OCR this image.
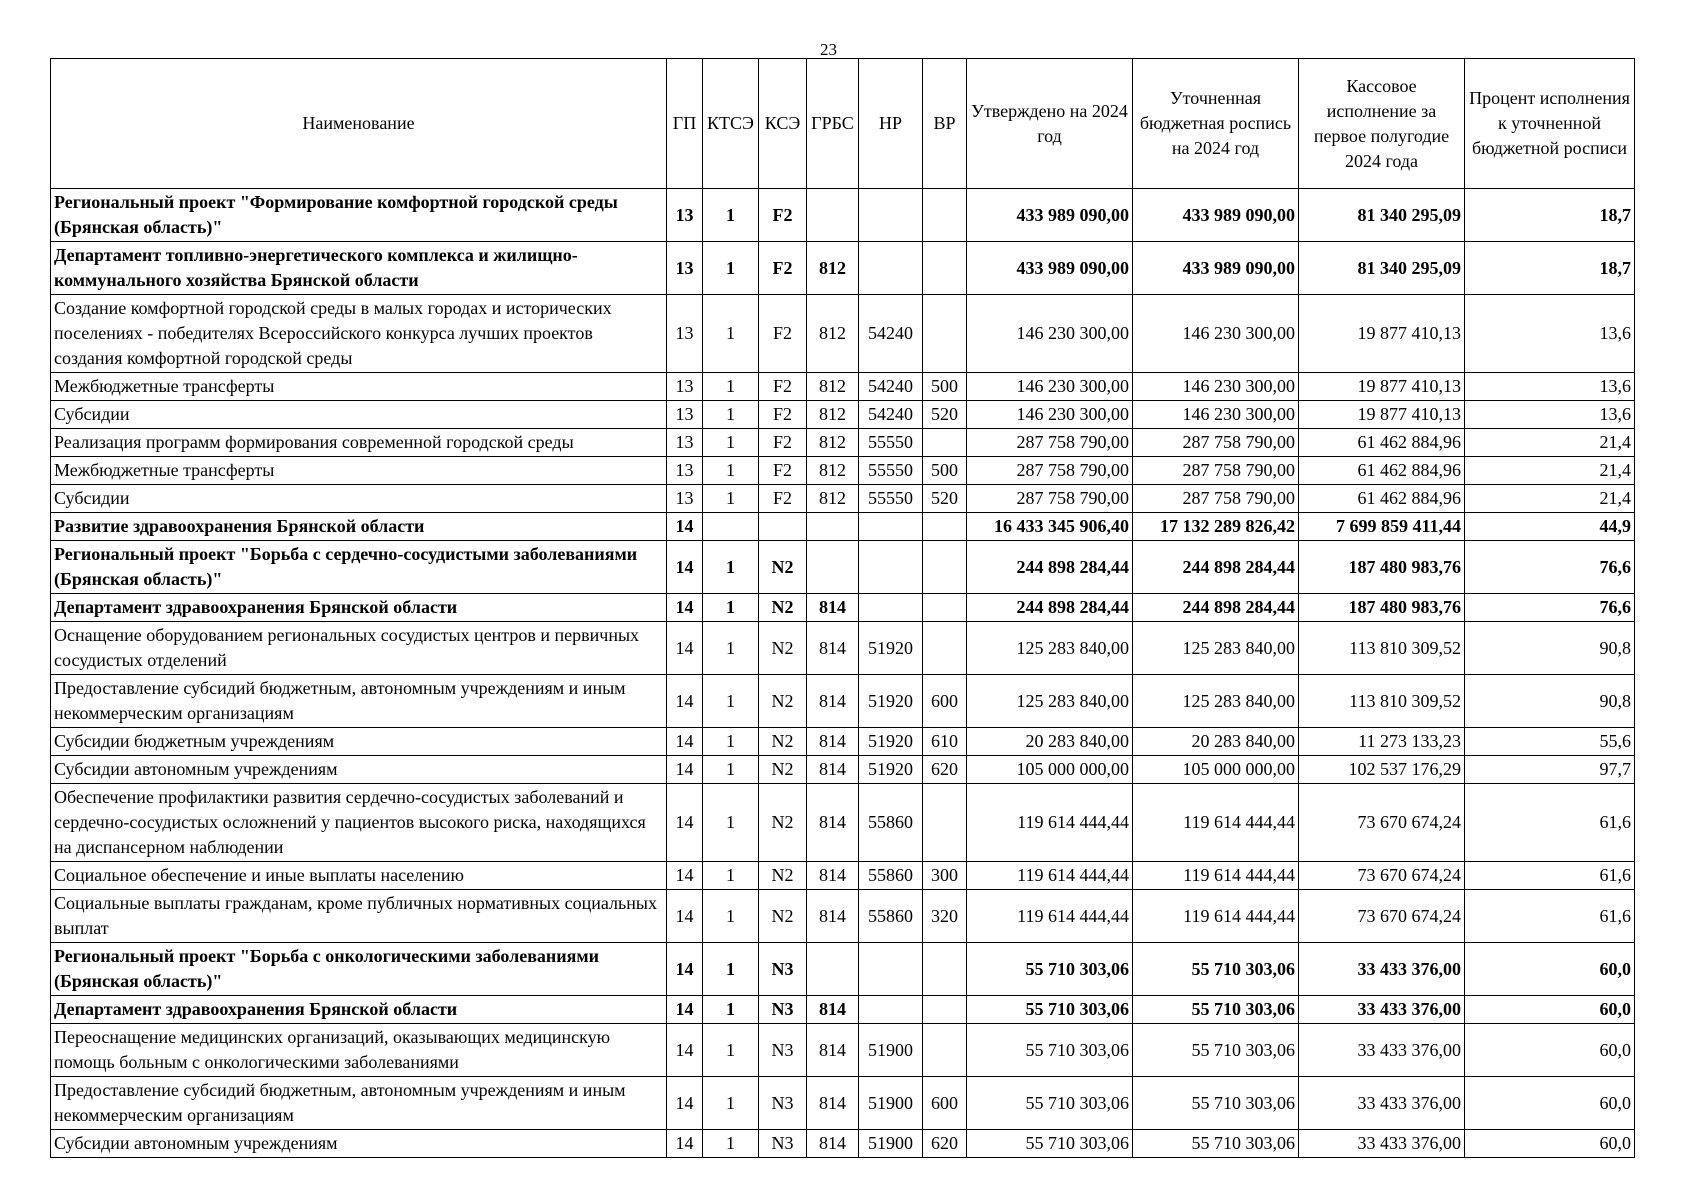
23
Наименование	ГП	КТСЭ	КСЭ	ГРБС	НР	ВР	Утверждено на 2024 год	Уточненная бюджетная роспись на 2024 год	Кассовое исполнение за первое полугодие 2024 года	Процент исполнения к уточненной бюджетной росписи
Региональный проект "Формирование комфортной городской среды (Брянская область)"	13	1	F2				433 989 090,00	433 989 090,00	81 340 295,09	18,7
Департамент топливно-энергетического комплекса и жилищно-коммунального хозяйства Брянской области	13	1	F2	812			433 989 090,00	433 989 090,00	81 340 295,09	18,7
Создание комфортной городской среды в малых городах и исторических поселениях - победителях Всероссийского конкурса лучших проектов создания комфортной городской среды	13	1	F2	812	54240		146 230 300,00	146 230 300,00	19 877 410,13	13,6
Межбюджетные трансферты	13	1	F2	812	54240	500	146 230 300,00	146 230 300,00	19 877 410,13	13,6
Субсидии	13	1	F2	812	54240	520	146 230 300,00	146 230 300,00	19 877 410,13	13,6
Реализация программ формирования современной городской среды	13	1	F2	812	55550		287 758 790,00	287 758 790,00	61 462 884,96	21,4
Межбюджетные трансферты	13	1	F2	812	55550	500	287 758 790,00	287 758 790,00	61 462 884,96	21,4
Субсидии	13	1	F2	812	55550	520	287 758 790,00	287 758 790,00	61 462 884,96	21,4
Развитие здравоохранения Брянской области	14						16 433 345 906,40	17 132 289 826,42	7 699 859 411,44	44,9
Региональный проект "Борьба с сердечно-сосудистыми заболеваниями (Брянская область)"	14	1	N2				244 898 284,44	244 898 284,44	187 480 983,76	76,6
Департамент здравоохранения Брянской области	14	1	N2	814			244 898 284,44	244 898 284,44	187 480 983,76	76,6
Оснащение оборудованием региональных сосудистых центров и первичных сосудистых отделений	14	1	N2	814	51920		125 283 840,00	125 283 840,00	113 810 309,52	90,8
Предоставление субсидий бюджетным, автономным учреждениям и иным некоммерческим организациям	14	1	N2	814	51920	600	125 283 840,00	125 283 840,00	113 810 309,52	90,8
Субсидии бюджетным учреждениям	14	1	N2	814	51920	610	20 283 840,00	20 283 840,00	11 273 133,23	55,6
Субсидии автономным учреждениям	14	1	N2	814	51920	620	105 000 000,00	105 000 000,00	102 537 176,29	97,7
Обеспечение профилактики развития сердечно-сосудистых заболеваний и сердечно-сосудистых осложнений у пациентов высокого риска, находящихся на диспансерном наблюдении	14	1	N2	814	55860		119 614 444,44	119 614 444,44	73 670 674,24	61,6
Социальное обеспечение и иные выплаты населению	14	1	N2	814	55860	300	119 614 444,44	119 614 444,44	73 670 674,24	61,6
Социальные выплаты гражданам, кроме публичных нормативных социальных выплат	14	1	N2	814	55860	320	119 614 444,44	119 614 444,44	73 670 674,24	61,6
Региональный проект "Борьба с онкологическими заболеваниями (Брянская область)"	14	1	N3				55 710 303,06	55 710 303,06	33 433 376,00	60,0
Департамент здравоохранения Брянской области	14	1	N3	814			55 710 303,06	55 710 303,06	33 433 376,00	60,0
Переоснащение медицинских организаций, оказывающих медицинскую помощь больным с онкологическими заболеваниями	14	1	N3	814	51900		55 710 303,06	55 710 303,06	33 433 376,00	60,0
Предоставление субсидий бюджетным, автономным учреждениям и иным некоммерческим организациям	14	1	N3	814	51900	600	55 710 303,06	55 710 303,06	33 433 376,00	60,0
Субсидии автономным учреждениям	14	1	N3	814	51900	620	55 710 303,06	55 710 303,06	33 433 376,00	60,0
